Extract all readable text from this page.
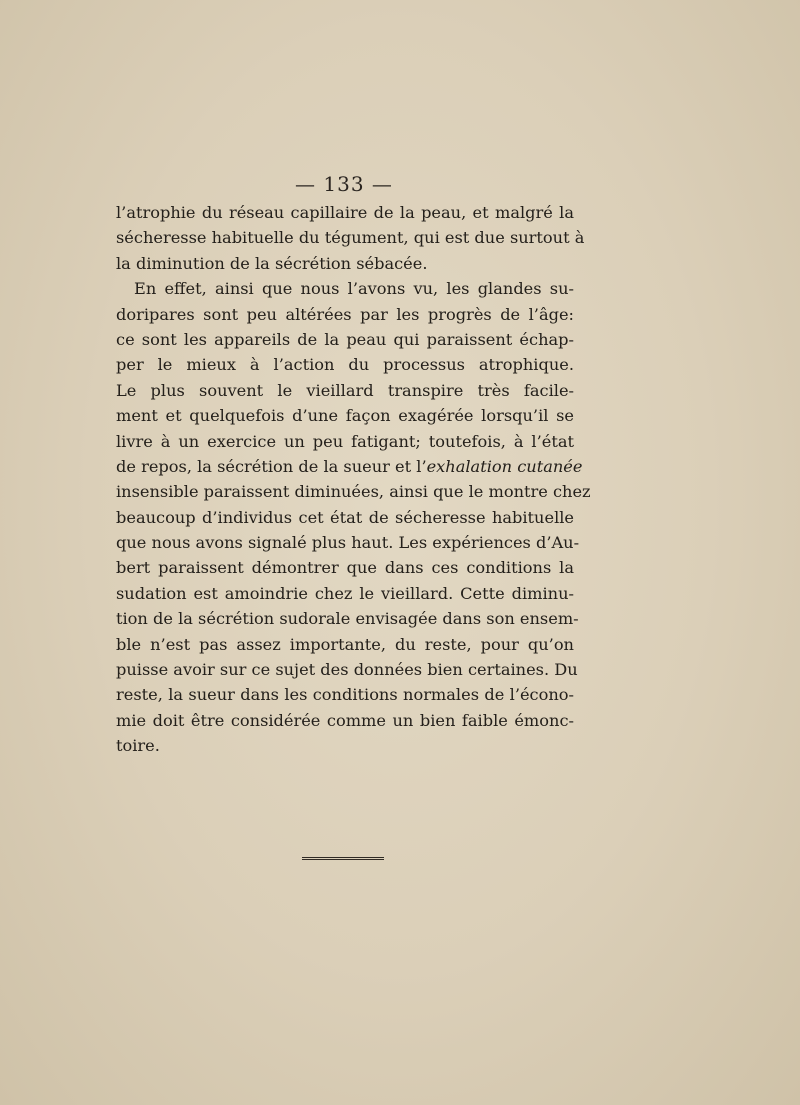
— 133 —
l’atrophie du réseau capillaire de la peau, et malgré la
sécheresse habituelle du tégument, qui est due surtout à
la diminution de la sécrétion sébacée.
En effet, ainsi que nous l’avons vu, les glandes su-
doripares sont peu altérées par les progrès de l’âge:
ce sont les appareils de la peau qui paraissent échap-
per le mieux à l’action du processus atrophique.
Le plus souvent le vieillard transpire très facile-
ment et quelquefois d’une façon exagérée lorsqu’il se
livre à un exercice un peu fatigant; toutefois, à l’état
de repos, la sécrétion de la sueur et l’exhalation cutanée
insensible paraissent diminuées, ainsi que le montre chez
beaucoup d’individus cet état de sécheresse habituelle
que nous avons signalé plus haut. Les expériences d’Au-
bert paraissent démontrer que dans ces conditions la
sudation est amoindrie chez le vieillard. Cette diminu-
tion de la sécrétion sudorale envisagée dans son ensem-
ble n’est pas assez importante, du reste, pour qu’on
puisse avoir sur ce sujet des données bien certaines. Du
reste, la sueur dans les conditions normales de l’écono-
mie doit être considérée comme un bien faible émonc-
toire.
